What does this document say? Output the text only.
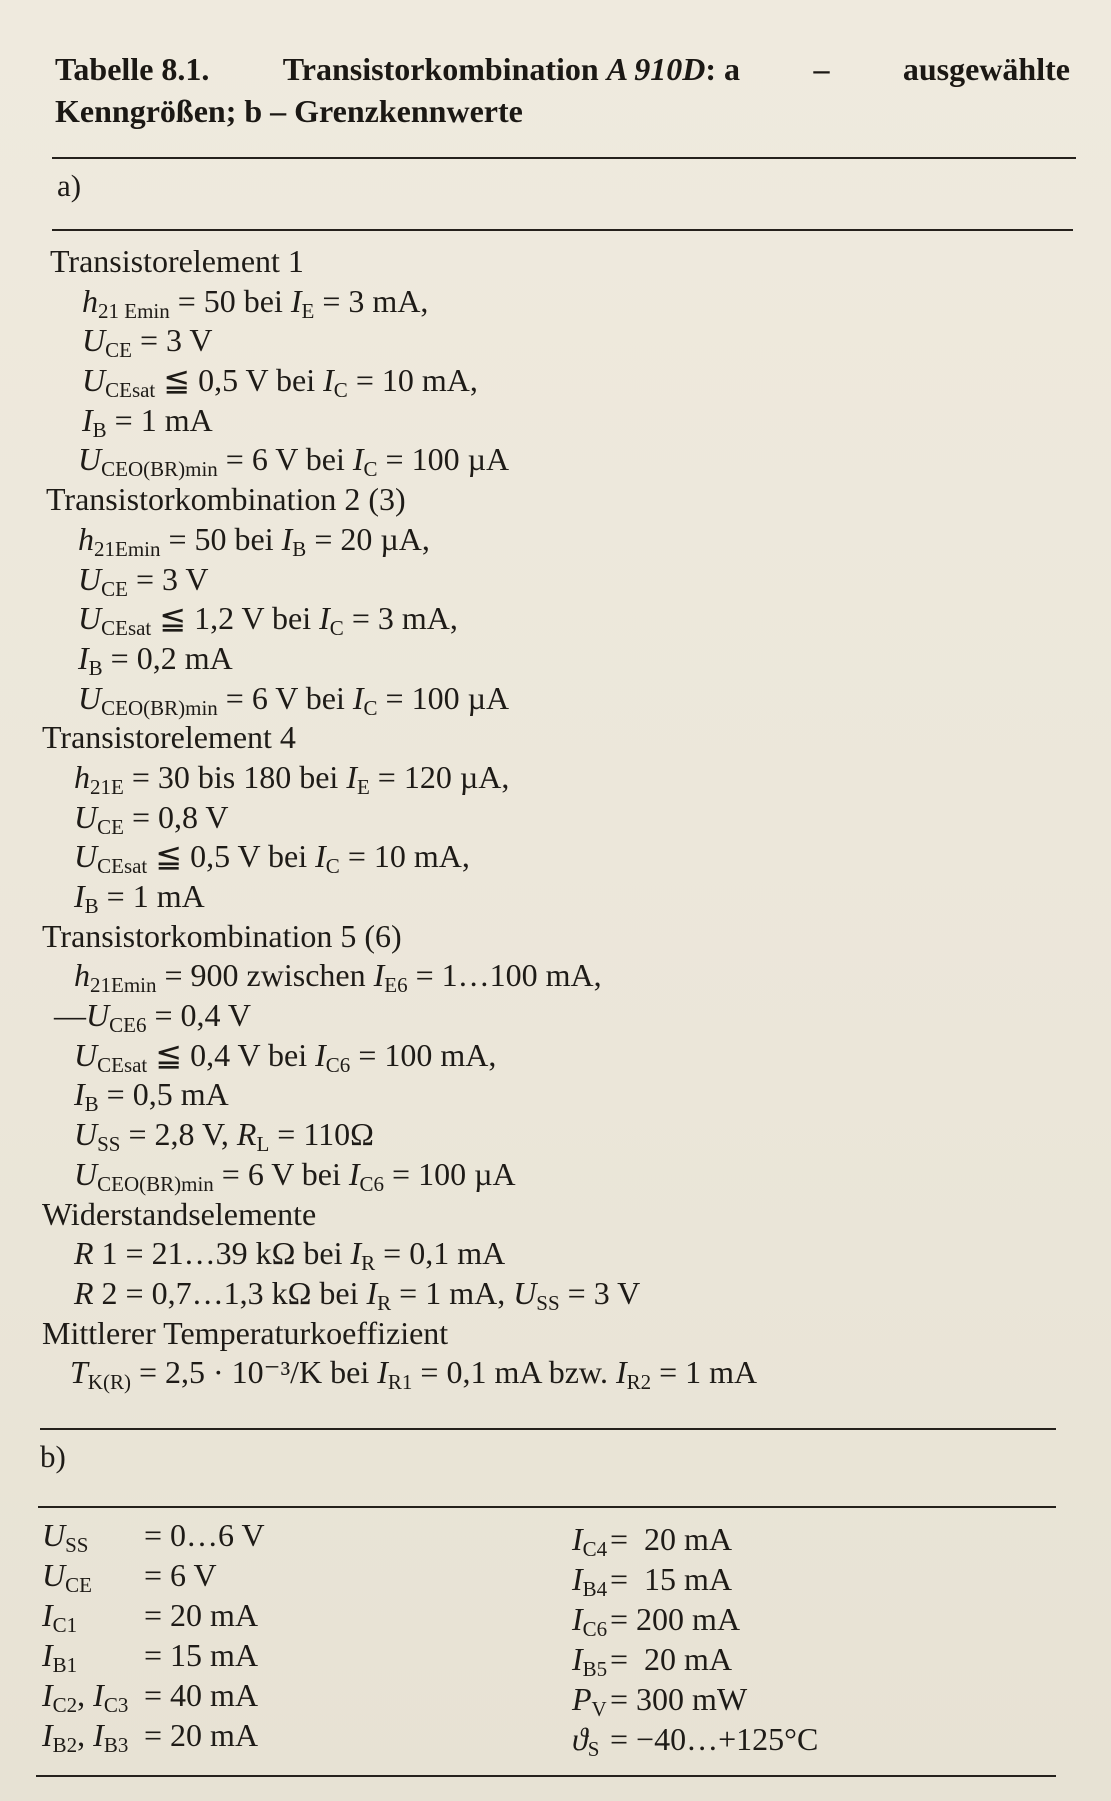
Tabelle 8.1. Transistorkombination A 910D: a – ausgewählte
Kenngrößen; b – Grenzkennwerte
a)
Transistorelement 1
$h_{21 Emin} = 50$ bei $I_E = 3$ mA,
$U_{CE} = 3$ V
$U_{CEsat}$ ≦ 0,5 V bei $I_C = 10$ mA,
$I_B = 1$ mA
$U_{CEO(BR)min} = 6$ V bei $I_C = 100$ µA
Transistorkombination 2 (3)
$h_{21Emin} = 50$ bei $I_B = 20$ µA,
$U_{CE} = 3$ V
$U_{CEsat}$ ≦ 1,2 V bei $I_C = 3$ mA,
$I_B = 0,2$ mA
$U_{CEO(BR)min} = 6$ V bei $I_C = 100$ µA
Transistorelement 4
$h_{21E} = 30$ bis 180 bei $I_E = 120$ µA,
$U_{CE} = 0,8$ V
$U_{CEsat}$ ≦ 0,5 V bei $I_C = 10$ mA,
$I_B = 1$ mA
Transistorkombination 5 (6)
$h_{21Emin} = 900$ zwischen $I_{E6}$ = 1…100 mA,
$—U_{CE6} = 0,4$ V
$U_{CEsat}$ ≦ 0,4 V bei $I_{C6} = 100$ mA,
$I_B = 0,5$ mA
$U_{SS} = 2,8$ V, $R_L = 110\Omega$
$U_{CEO(BR)min} = 6$ V bei $I_{C6} = 100$ µA
Widerstandselemente
R 1 = 21…39 kΩ bei $I_R = 0,1$ mA
R 2 = 0,7…1,3 kΩ bei $I_R = 1$ mA, $U_{SS} = 3$ V
Mittlerer Temperaturkoeffizient
$T_{K(R)} = 2,5 \cdot 10^{-3}/K$ bei $I_{R1} = 0,1$ mA bzw. $I_{R2} = 1$ mA
b)
$U_{SS}$	= 0…6 V
$U_{CE}$	= 6 V
$I_{C1}$	= 20 mA
$I_{B1}$	= 15 mA
$I_{C2}$, $I_{C3} = 40$ mA
$I_{B2}$, $I_{B3} = 20$ mA
$I_{C4} = 20$ mA
$I_{B4} = 15$ mA
$I_{C6} = 200$ mA
$I_{B5} = 20$ mA
$P_V = 300$ mW
$ϑ_S$ = −40…+125°C
